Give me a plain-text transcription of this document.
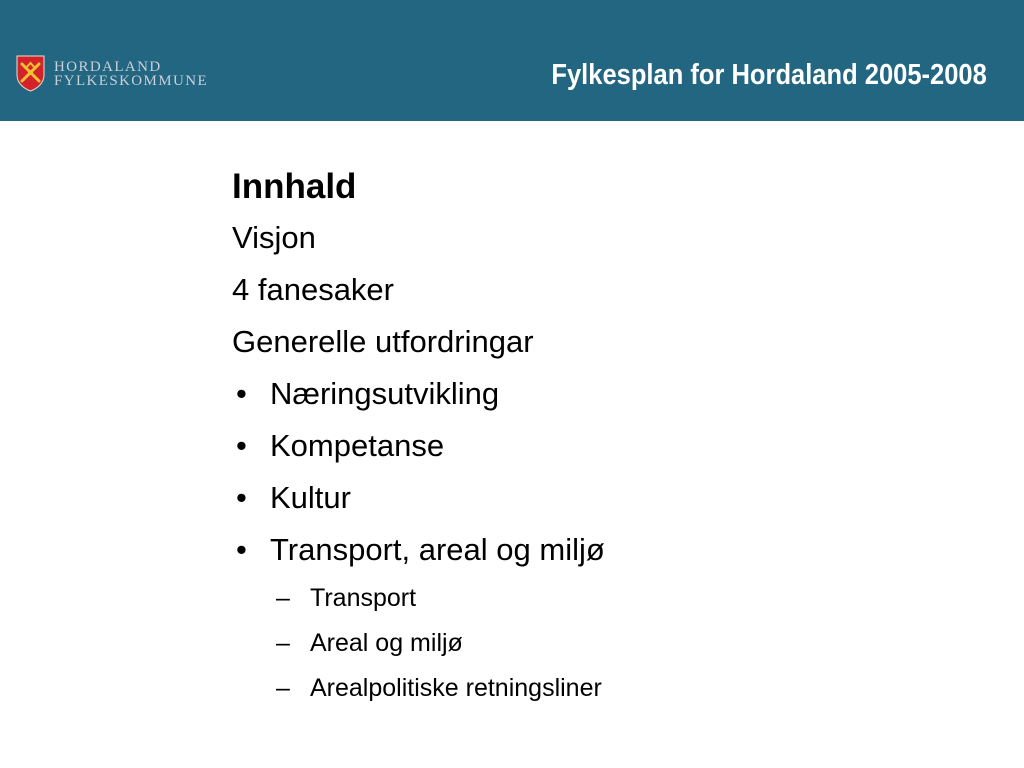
HORDALAND
FYLKESKOMMUNE	Fylkesplan for Hordaland 2005-2008
Innhald
Visjon
4 fanesaker
Generelle utfordringar
• Næringsutvikling
• Kompetanse
• Kultur
• Transport, areal og miljø
– Transport
– Areal og miljø
– Arealpolitiske retningsliner
